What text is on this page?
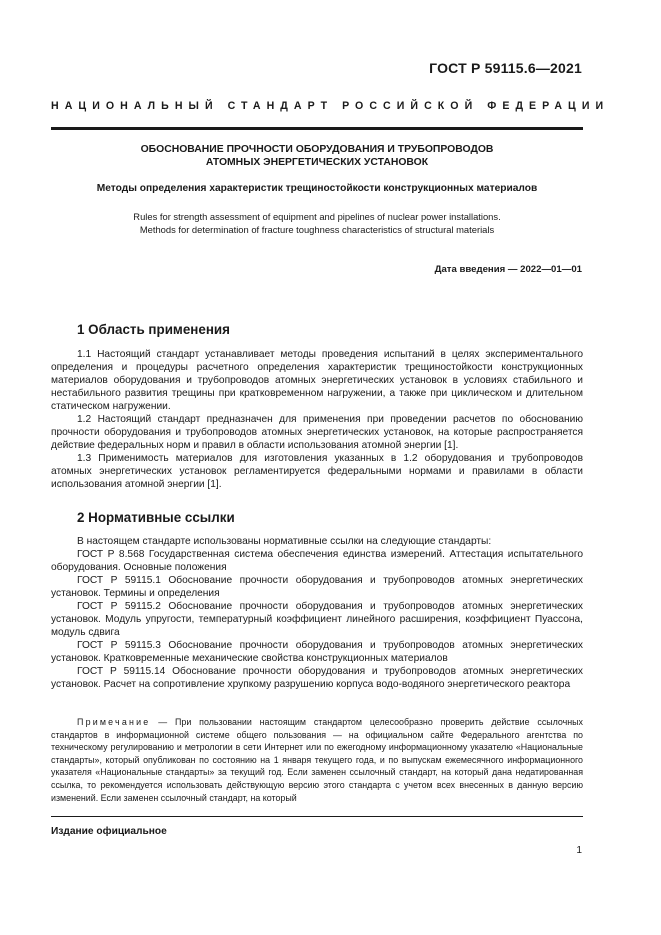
ГОСТ Р 59115.6—2021
НАЦИОНАЛЬНЫЙ СТАНДАРТ РОССИЙСКОЙ ФЕДЕРАЦИИ
ОБОСНОВАНИЕ ПРОЧНОСТИ ОБОРУДОВАНИЯ И ТРУБОПРОВОДОВ
АТОМНЫХ ЭНЕРГЕТИЧЕСКИХ УСТАНОВОК
Методы определения характеристик трещиностойкости конструкционных материалов
Rules for strength assessment of equipment and pipelines of nuclear power installations.
Methods for determination of fracture toughness characteristics of structural materials
Дата введения — 2022—01—01
1 Область применения

1.1 Настоящий стандарт устанавливает методы проведения испытаний в целях экспериментального определения и процедуры расчетного определения характеристик трещиностойкости конструкционных материалов оборудования и трубопроводов атомных энергетических установок в условиях стабильного и нестабильного развития трещины при кратковременном нагружении, а также при циклическом и длительном статическом нагружении.

1.2 Настоящий стандарт предназначен для применения при проведении расчетов по обоснованию прочности оборудования и трубопроводов атомных энергетических установок, на которые распространяется действие федеральных норм и правил в области использования атомной энергии [1].

1.3 Применимость материалов для изготовления указанных в 1.2 оборудования и трубопроводов атомных энергетических установок регламентируется федеральными нормами и правилами в области использования атомной энергии [1].

2 Нормативные ссылки

В настоящем стандарте использованы нормативные ссылки на следующие стандарты:

ГОСТ Р 8.568 Государственная система обеспечения единства измерений. Аттестация испытательного оборудования. Основные положения

ГОСТ Р 59115.1 Обоснование прочности оборудования и трубопроводов атомных энергетических установок. Термины и определения

ГОСТ Р 59115.2 Обоснование прочности оборудования и трубопроводов атомных энергетических установок. Модуль упругости, температурный коэффициент линейного расширения, коэффициент Пуассона, модуль сдвига

ГОСТ Р 59115.3 Обоснование прочности оборудования и трубопроводов атомных энергетических установок. Кратковременные механические свойства конструкционных материалов

ГОСТ Р 59115.14 Обоснование прочности оборудования и трубопроводов атомных энергетических установок. Расчет на сопротивление хрупкому разрушению корпуса водо-водяного энергетического реактора

Примечание — При пользовании настоящим стандартом целесообразно проверить действие ссылочных стандартов в информационной системе общего пользования — на официальном сайте Федерального агентства по техническому регулированию и метрологии в сети Интернет или по ежегодному информационному указателю «Национальные стандарты», который опубликован по состоянию на 1 января текущего года, и по выпускам ежемесячного информационного указателя «Национальные стандарты» за текущий год. Если заменен ссылочный стандарт, на который дана недатированная ссылка, то рекомендуется использовать действующую версию этого стандарта с учетом всех внесенных в данную версию изменений. Если заменен ссылочный стандарт, на который
Издание официальное
1
